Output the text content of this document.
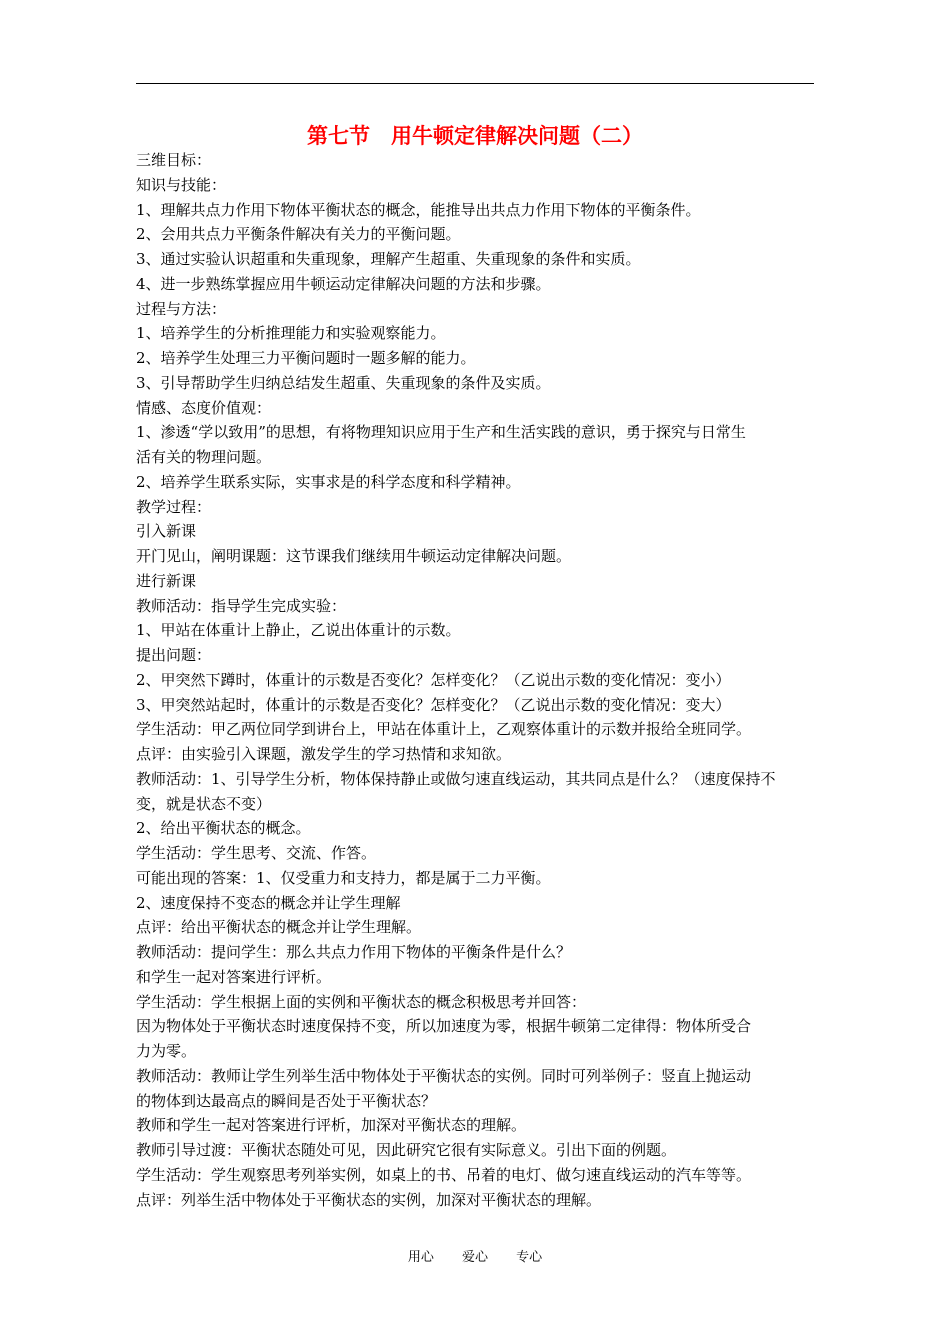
第七节　用牛顿定律解决问题（二）
三维目标：
知识与技能：
1、理解共点力作用下物体平衡状态的概念，能推导出共点力作用下物体的平衡条件。
2、会用共点力平衡条件解决有关力的平衡问题。
3、通过实验认识超重和失重现象，理解产生超重、失重现象的条件和实质。
4、进一步熟练掌握应用牛顿运动定律解决问题的方法和步骤。
过程与方法：
1、培养学生的分析推理能力和实验观察能力。
2、培养学生处理三力平衡问题时一题多解的能力。
3、引导帮助学生归纳总结发生超重、失重现象的条件及实质。
情感、态度价值观：
1、渗透“学以致用”的思想，有将物理知识应用于生产和生活实践的意识，勇于探究与日常生
活有关的物理问题。
2、培养学生联系实际，实事求是的科学态度和科学精神。
教学过程：
引入新课
开门见山，阐明课题：这节课我们继续用牛顿运动定律解决问题。
进行新课
教师活动：指导学生完成实验：
1、甲站在体重计上静止，乙说出体重计的示数。
提出问题：
2、甲突然下蹲时，体重计的示数是否变化？怎样变化？（乙说出示数的变化情况：变小）
3、甲突然站起时，体重计的示数是否变化？怎样变化？（乙说出示数的变化情况：变大）
学生活动：甲乙两位同学到讲台上，甲站在体重计上，乙观察体重计的示数并报给全班同学。
点评：由实验引入课题，激发学生的学习热情和求知欲。
教师活动：1、引导学生分析，物体保持静止或做匀速直线运动，其共同点是什么？（速度保持不
变，就是状态不变）
2、给出平衡状态的概念。
学生活动：学生思考、交流、作答。
可能出现的答案：1、仅受重力和支持力，都是属于二力平衡。
2、速度保持不变态的概念并让学生理解
点评：给出平衡状态的概念并让学生理解。
教师活动：提问学生：那么共点力作用下物体的平衡条件是什么？
和学生一起对答案进行评析。
学生活动：学生根据上面的实例和平衡状态的概念积极思考并回答：
因为物体处于平衡状态时速度保持不变，所以加速度为零，根据牛顿第二定律得：物体所受合
力为零。
教师活动：教师让学生列举生活中物体处于平衡状态的实例。同时可列举例子：竖直上抛运动
的物体到达最高点的瞬间是否处于平衡状态？
教师和学生一起对答案进行评析，加深对平衡状态的理解。
教师引导过渡：平衡状态随处可见，因此研究它很有实际意义。引出下面的例题。
学生活动：学生观察思考列举实例，如桌上的书、吊着的电灯、做匀速直线运动的汽车等等。
点评：列举生活中物体处于平衡状态的实例，加深对平衡状态的理解。
用心 爱心 专心
